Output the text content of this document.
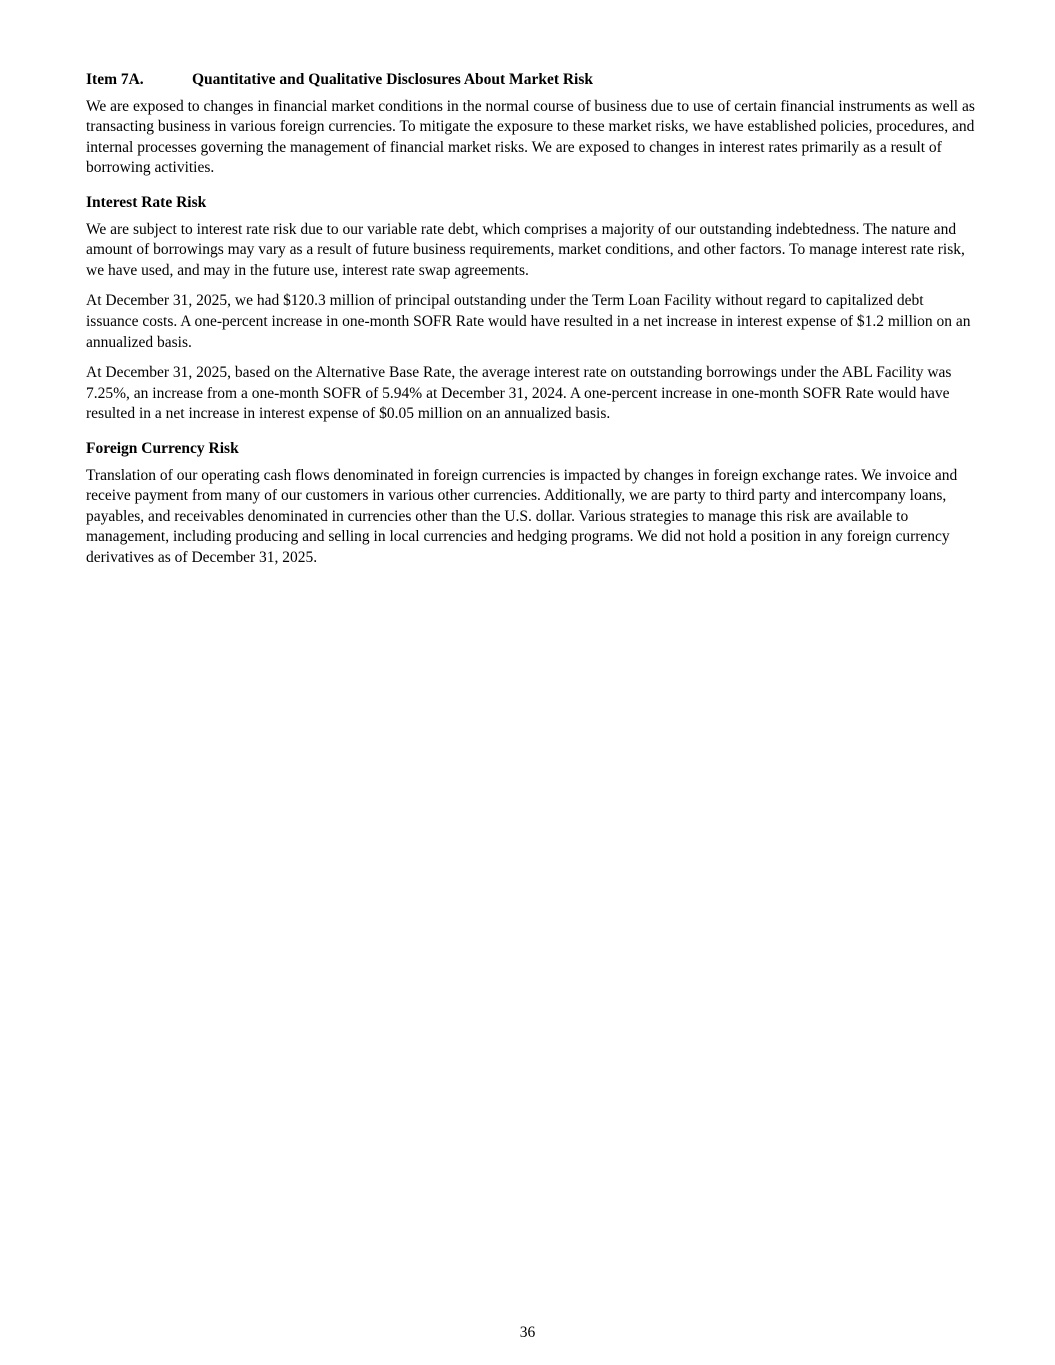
Item 7A.	Quantitative and Qualitative Disclosures About Market Risk

We are exposed to changes in financial market conditions in the normal course of business due to use of certain financial instruments as well as transacting business in various foreign currencies. To mitigate the exposure to these market risks, we have established policies, procedures, and internal processes governing the management of financial market risks. We are exposed to changes in interest rates primarily as a result of borrowing activities.

Interest Rate Risk

We are subject to interest rate risk due to our variable rate debt, which comprises a majority of our outstanding indebtedness. The nature and amount of borrowings may vary as a result of future business requirements, market conditions, and other factors. To manage interest rate risk, we have used, and may in the future use, interest rate swap agreements.

At December 31, 2025, we had $120.3 million of principal outstanding under the Term Loan Facility without regard to capitalized debt issuance costs. A one-percent increase in one-month SOFR Rate would have resulted in a net increase in interest expense of $1.2 million on an annualized basis.

At December 31, 2025, based on the Alternative Base Rate, the average interest rate on outstanding borrowings under the ABL Facility was 7.25%, an increase from a one-month SOFR of 5.94% at December 31, 2024. A one-percent increase in one-month SOFR Rate would have resulted in a net increase in interest expense of $0.05 million on an annualized basis.

Foreign Currency Risk

Translation of our operating cash flows denominated in foreign currencies is impacted by changes in foreign exchange rates. We invoice and receive payment from many of our customers in various other currencies. Additionally, we are party to third party and intercompany loans, payables, and receivables denominated in currencies other than the U.S. dollar. Various strategies to manage this risk are available to management, including producing and selling in local currencies and hedging programs. We did not hold a position in any foreign currency derivatives as of December 31, 2025.

36
